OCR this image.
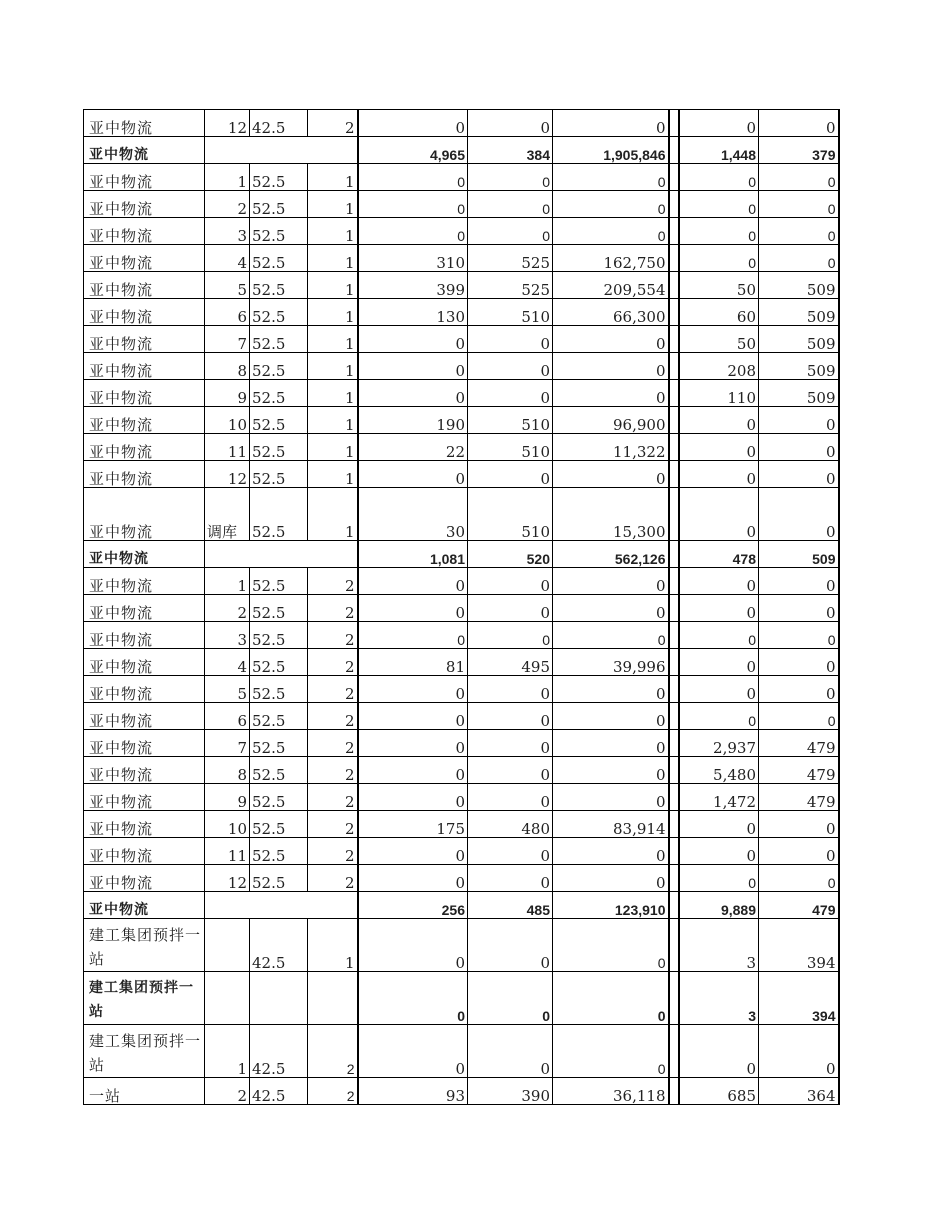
亚中物流	12	42.5	2	0	0	0		0	0
亚中物流				4,965	384	1,905,846		1,448	379
亚中物流	1	52.5	1	0	0	0		0	0
亚中物流	2	52.5	1	0	0	0		0	0
亚中物流	3	52.5	1	0	0	0		0	0
亚中物流	4	52.5	1	310	525	162,750		0	0
亚中物流	5	52.5	1	399	525	209,554		50	509
亚中物流	6	52.5	1	130	510	66,300		60	509
亚中物流	7	52.5	1	0	0	0		50	509
亚中物流	8	52.5	1	0	0	0		208	509
亚中物流	9	52.5	1	0	0	0		110	509
亚中物流	10	52.5	1	190	510	96,900		0	0
亚中物流	11	52.5	1	22	510	11,322		0	0
亚中物流	12	52.5	1	0	0	0		0	0
亚中物流	调库	52.5	1	30	510	15,300		0	0
亚中物流				1,081	520	562,126		478	509
亚中物流	1	52.5	2	0	0	0		0	0
亚中物流	2	52.5	2	0	0	0		0	0
亚中物流	3	52.5	2	0	0	0		0	0
亚中物流	4	52.5	2	81	495	39,996		0	0
亚中物流	5	52.5	2	0	0	0		0	0
亚中物流	6	52.5	2	0	0	0		0	0
亚中物流	7	52.5	2	0	0	0		2,937	479
亚中物流	8	52.5	2	0	0	0		5,480	479
亚中物流	9	52.5	2	0	0	0		1,472	479
亚中物流	10	52.5	2	175	480	83,914		0	0
亚中物流	11	52.5	2	0	0	0		0	0
亚中物流	12	52.5	2	0	0	0		0	0
亚中物流				256	485	123,910		9,889	479
建工集团预拌一站		42.5	1	0	0	0		3	394
建工集团预拌一站				0	0	0		3	394
建工集团预拌一站	1	42.5	2	0	0	0		0	0
一站	2	42.5	2	93	390	36,118		685	364
